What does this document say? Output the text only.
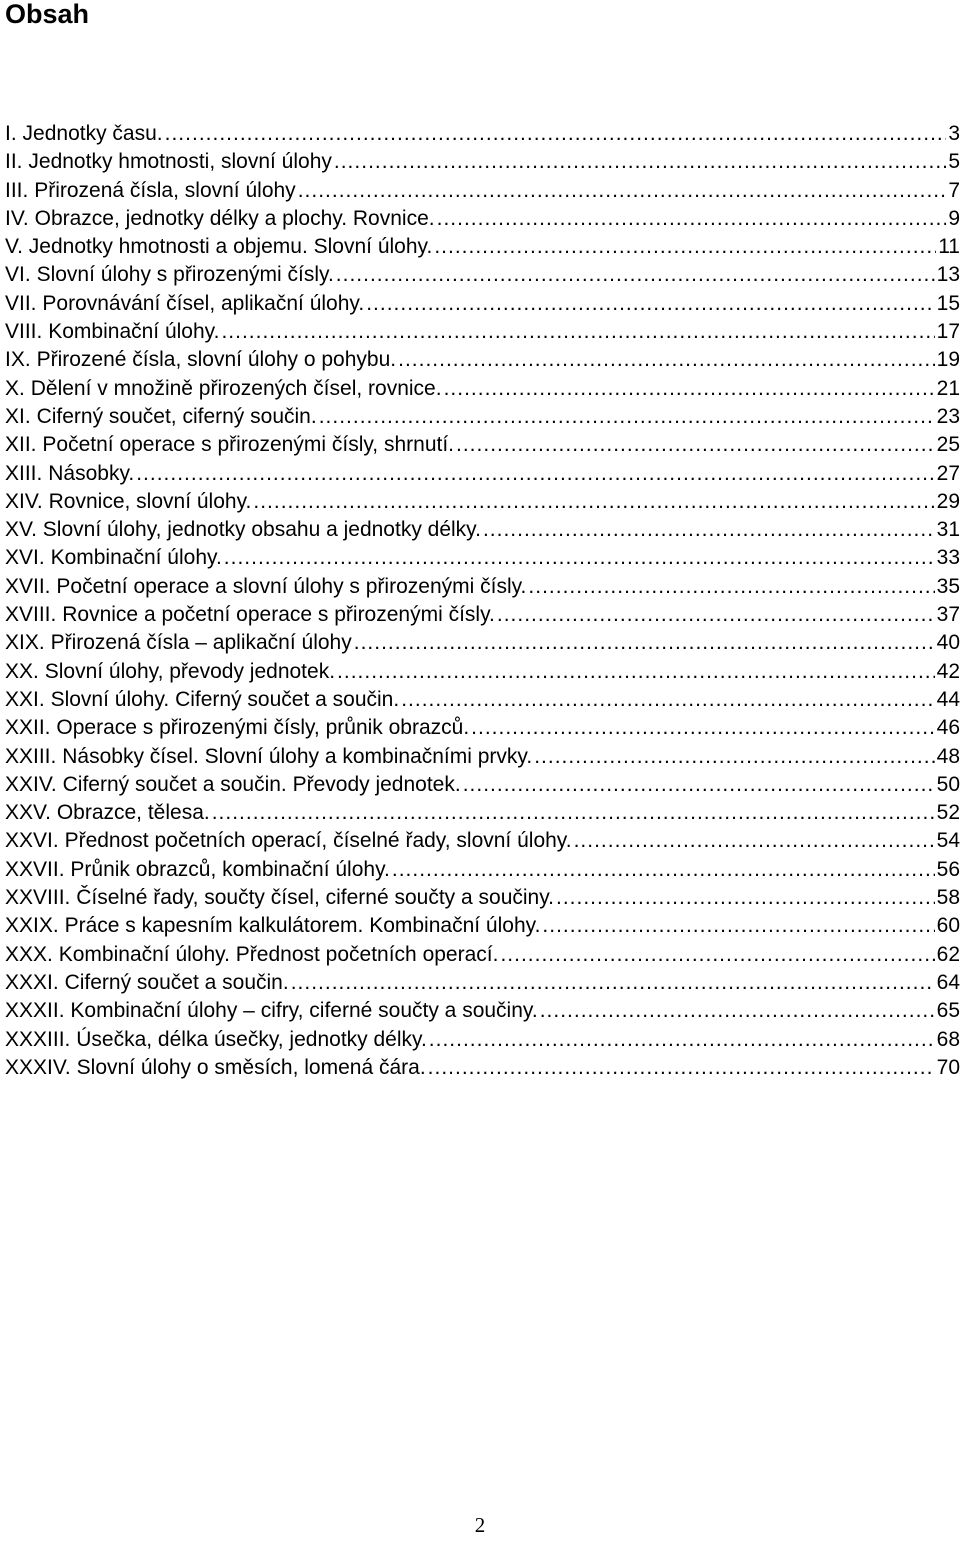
Obsah
I. Jednotky času. .....	3
II. Jednotky hmotnosti, slovní úlohy .....	5
III. Přirozená čísla, slovní úlohy .....	7
IV. Obrazce, jednotky délky a plochy. Rovnice. .....	9
V. Jednotky hmotnosti a objemu. Slovní úlohy. .....	11
VI. Slovní úlohy s přirozenými čísly. .....	13
VII. Porovnávání čísel, aplikační úlohy. .....	15
VIII. Kombinační úlohy. .....	17
IX. Přirozené čísla, slovní úlohy o pohybu. .....	19
X. Dělení v množině přirozených čísel, rovnice. .....	21
XI. Ciferný součet, ciferný součin. .....	23
XII. Početní operace s přirozenými čísly, shrnutí. .....	25
XIII. Násobky. .....	27
XIV. Rovnice, slovní úlohy. .....	29
XV. Slovní úlohy, jednotky obsahu a jednotky délky. .....	31
XVI. Kombinační úlohy. .....	33
XVII. Početní operace a slovní úlohy s přirozenými čísly. .....	35
XVIII. Rovnice a početní operace s přirozenými čísly. .....	37
XIX. Přirozená čísla – aplikační úlohy .....	40
XX. Slovní úlohy, převody jednotek. .....	42
XXI. Slovní úlohy. Ciferný součet a součin. .....	44
XXII. Operace s přirozenými čísly, průnik obrazců. .....	46
XXIII. Násobky čísel. Slovní úlohy a kombinačními prvky. .....	48
XXIV. Ciferný součet a součin. Převody jednotek. .....	50
XXV. Obrazce, tělesa. .....	52
XXVI. Přednost početních operací, číselné řady, slovní úlohy. .....	54
XXVII. Průnik obrazců, kombinační úlohy. .....	56
XXVIII. Číselné řady, součty čísel, ciferné součty a součiny. .....	58
XXIX. Práce s kapesním kalkulátorem. Kombinační úlohy. .....	60
XXX. Kombinační úlohy. Přednost početních operací. .....	62
XXXI. Ciferný součet a součin. .....	64
XXXII. Kombinační úlohy – cifry, ciferné součty a součiny. .....	65
XXXIII. Úsečka, délka úsečky, jednotky délky. .....	68
XXXIV. Slovní úlohy o směsích, lomená čára. .....	70
2
